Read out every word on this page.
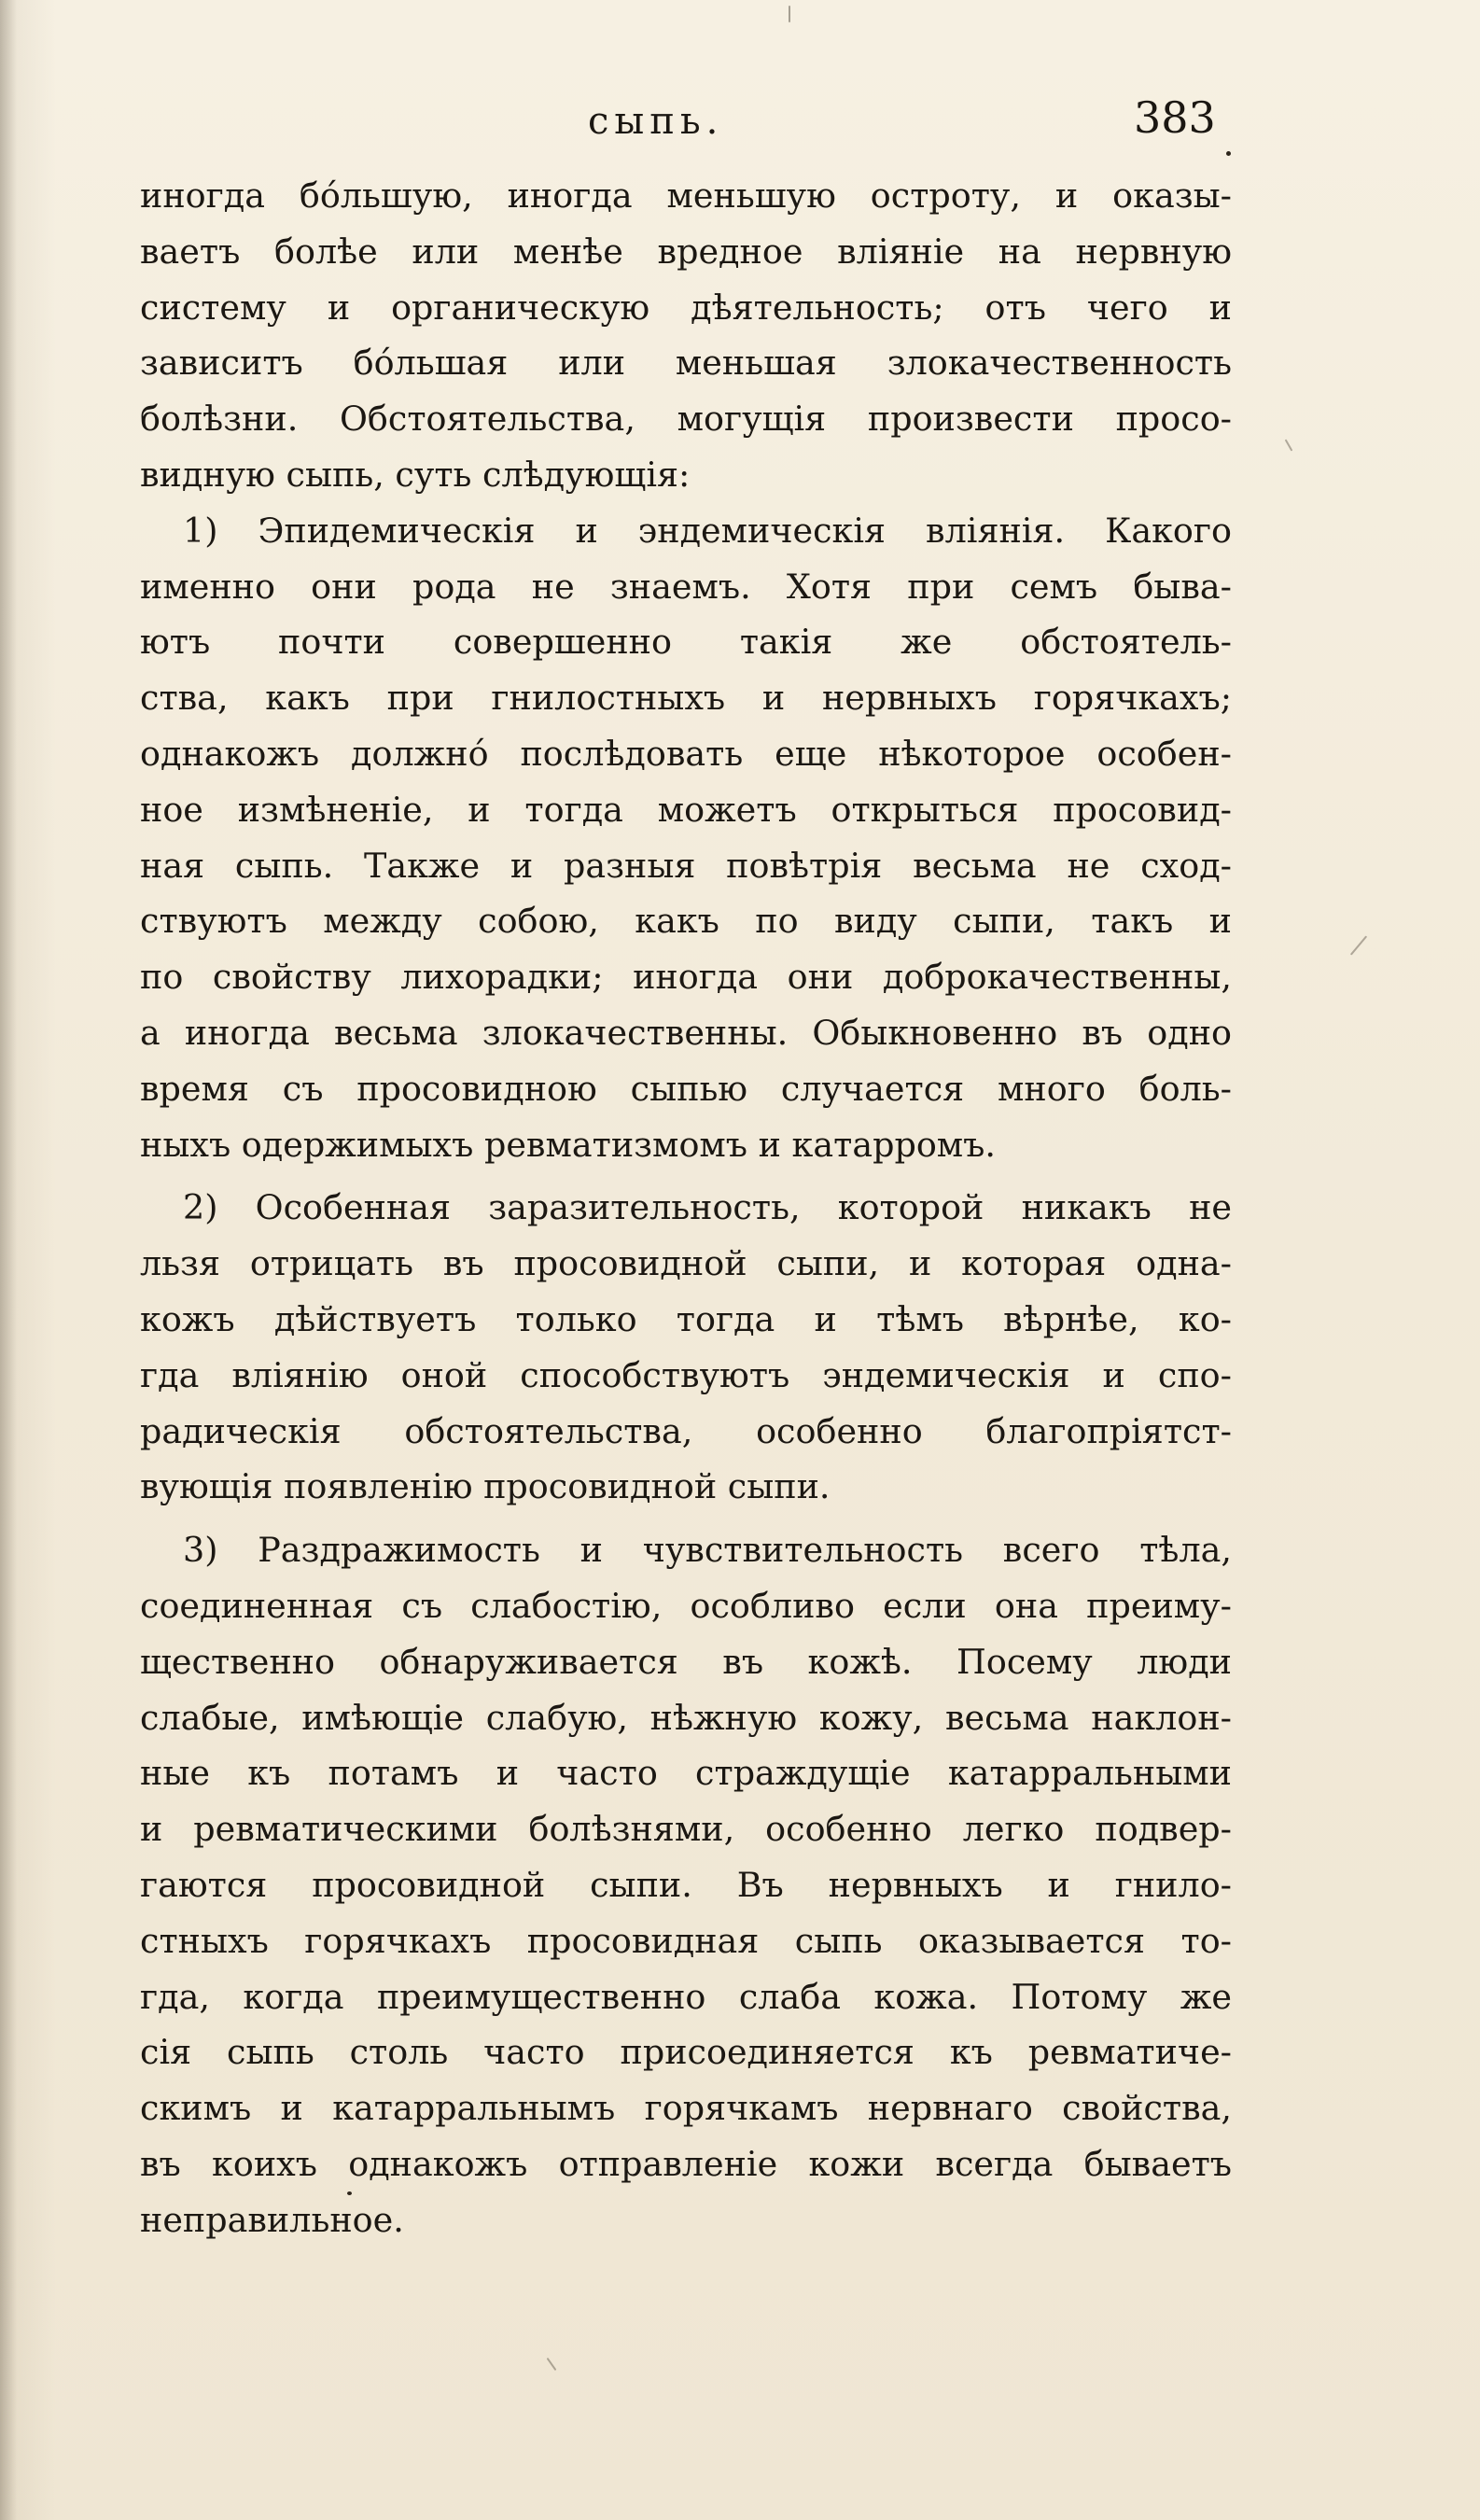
сыпь.	383
иногда бо́льшую, иногда меньшую остроту, и оказы-
ваетъ болѣе или менѣе вредное вліяніе на нервную
систему и органическую дѣятельность; отъ чего и
зависитъ бо́льшая или меньшая злокачественность
болѣзни. Обстоятельства, могущія произвести просо-
видную сыпь, суть слѣдующія:
1) Эпидемическія и эндемическія вліянія. Какого
именно они рода не знаемъ. Хотя при семъ быва-
ютъ почти совершенно такія же обстоятель-
ства, какъ при гнилостныхъ и нервныхъ горячкахъ;
однакожъ должно́ послѣдовать еще нѣкоторое особен-
ное измѣненіе, и тогда можетъ открыться просовид-
ная сыпь. Также и разныя повѣтрія весьма не сход-
ствуютъ между собою, какъ по виду сыпи, такъ и
по свойству лихорадки; иногда они доброкачественны,
а иногда весьма злокачественны. Обыкновенно въ одно
время съ просовидною сыпью случается много боль-
ныхъ одержимыхъ ревматизмомъ и катарромъ.
2) Особенная заразительность, которой никакъ не
льзя отрицать въ просовидной сыпи, и которая одна-
кожъ дѣйствуетъ только тогда и тѣмъ вѣрнѣе, ко-
гда вліянію оной способствуютъ эндемическія и спо-
радическія обстоятельства, особенно благопріятст-
вующія появленію просовидной сыпи.
3) Раздражимость и чувствительность всего тѣла,
соединенная съ слабостію, особливо если она преиму-
щественно обнаруживается въ кожѣ. Посему люди
слабые, имѣющіе слабую, нѣжную кожу, весьма наклон-
ные къ потамъ и часто страждущіе катарральными
и ревматическими болѣзнями, особенно легко подвер-
гаются просовидной сыпи. Въ нервныхъ и гнило-
стныхъ горячкахъ просовидная сыпь оказывается то-
гда, когда преимущественно слаба кожа. Потому же
сія сыпь столь часто присоединяется къ ревматиче-
скимъ и катарральнымъ горячкамъ нервнаго свойства,
въ коихъ однакожъ отправленіе кожи всегда бываетъ
неправильное.
